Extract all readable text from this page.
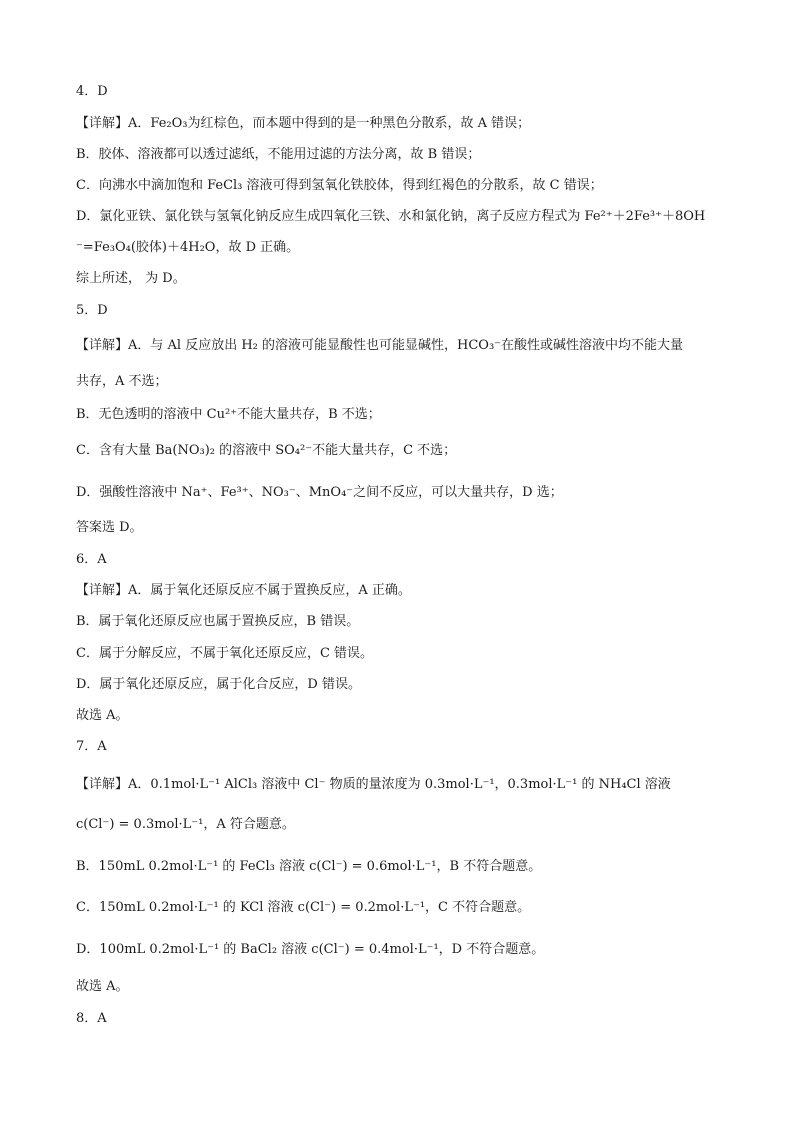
4．D
【详解】A．Fe₂O₃为红棕色，而本题中得到的是一种黑色分散系，故 A 错误；
B．胶体、溶液都可以透过滤纸，不能用过滤的方法分离，故 B 错误；
C．向沸水中滴加饱和 FeCl₃ 溶液可得到氢氧化铁胶体，得到红褐色的分散系，故 C 错误；
D．氯化亚铁、氯化铁与氢氧化钠反应生成四氧化三铁、水和氯化钠，离子反应方程式为 Fe²⁺＋2Fe³⁺＋8OH
⁻=Fe₃O₄(胶体)＋4H₂O，故 D 正确。
综上所述， 为 D。
5．D
【详解】A．与 Al 反应放出 H₂ 的溶液可能显酸性也可能显碱性，HCO₃⁻在酸性或碱性溶液中均不能大量
共存，A 不选；
B．无色透明的溶液中 Cu²⁺不能大量共存，B 不选；
C．含有大量 Ba(NO₃)₂ 的溶液中 SO₄²⁻不能大量共存，C 不选；
D．强酸性溶液中 Na⁺、Fe³⁺、NO₃⁻、MnO₄⁻之间不反应，可以大量共存，D 选；
答案选 D。
6．A
【详解】A．属于氧化还原反应不属于置换反应，A 正确。
B．属于氧化还原反应也属于置换反应，B 错误。
C．属于分解反应，不属于氧化还原反应，C 错误。
D．属于氧化还原反应，属于化合反应，D 错误。
故选 A。
7．A
【详解】A．0.1mol·L⁻¹ AlCl₃ 溶液中 Cl⁻ 物质的量浓度为 0.3mol·L⁻¹，0.3mol·L⁻¹ 的 NH₄Cl 溶液
c(Cl⁻) = 0.3mol·L⁻¹，A 符合题意。
B．150mL 0.2mol·L⁻¹ 的 FeCl₃ 溶液 c(Cl⁻) = 0.6mol·L⁻¹，B 不符合题意。
C．150mL 0.2mol·L⁻¹ 的 KCl 溶液 c(Cl⁻) = 0.2mol·L⁻¹，C 不符合题意。
D．100mL 0.2mol·L⁻¹ 的 BaCl₂ 溶液 c(Cl⁻) = 0.4mol·L⁻¹，D 不符合题意。
故选 A。
8．A
